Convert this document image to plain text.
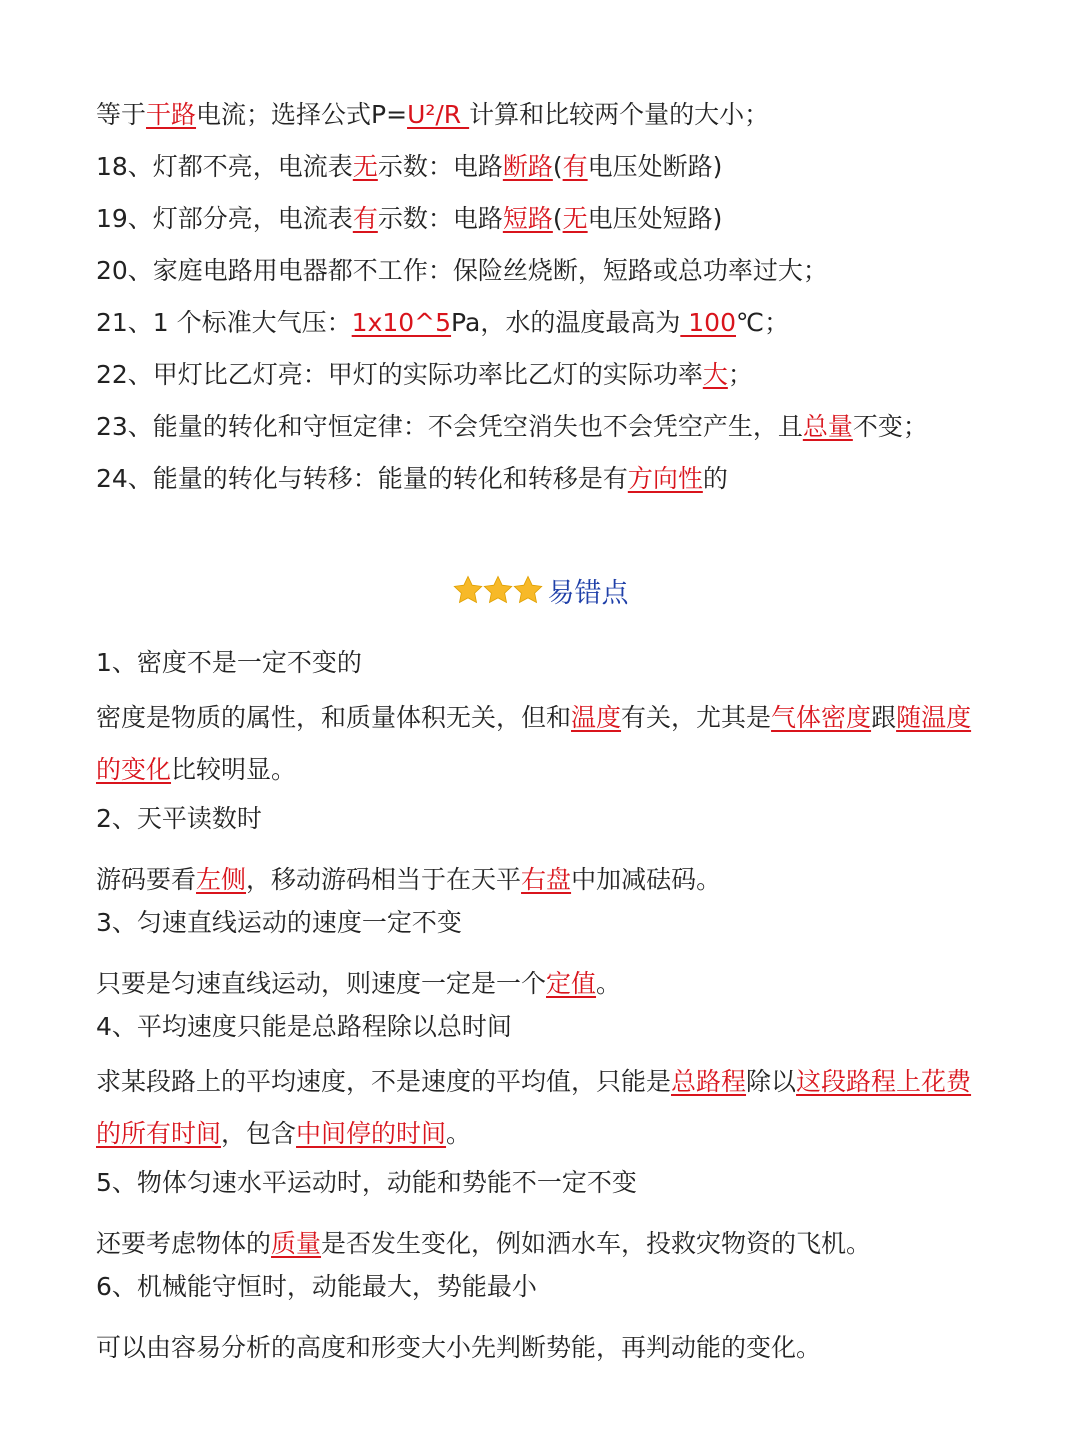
等于干路电流；选择公式P=U²/R 计算和比较两个量的大小；
18、灯都不亮，电流表无示数：电路断路(有电压处断路)
19、灯部分亮，电流表有示数：电路短路(无电压处短路)
20、家庭电路用电器都不工作：保险丝烧断，短路或总功率过大；
21、1 个标准大气压：1x10^5Pa，水的温度最高为 100℃；
22、甲灯比乙灯亮：甲灯的实际功率比乙灯的实际功率大；
23、能量的转化和守恒定律：不会凭空消失也不会凭空产生，且总量不变；
24、能量的转化与转移：能量的转化和转移是有方向性的
易错点
1、密度不是一定不变的
密度是物质的属性，和质量体积无关，但和温度有关，尤其是气体密度跟随温度的变化比较明显。
2、天平读数时
游码要看左侧，移动游码相当于在天平右盘中加减砝码。
3、匀速直线运动的速度一定不变
只要是匀速直线运动，则速度一定是一个定值。
4、平均速度只能是总路程除以总时间
求某段路上的平均速度，不是速度的平均值，只能是总路程除以这段路程上花费的所有时间，包含中间停的时间。
5、物体匀速水平运动时，动能和势能不一定不变
还要考虑物体的质量是否发生变化，例如洒水车，投救灾物资的飞机。
6、机械能守恒时，动能最大，势能最小
可以由容易分析的高度和形变大小先判断势能，再判动能的变化。
